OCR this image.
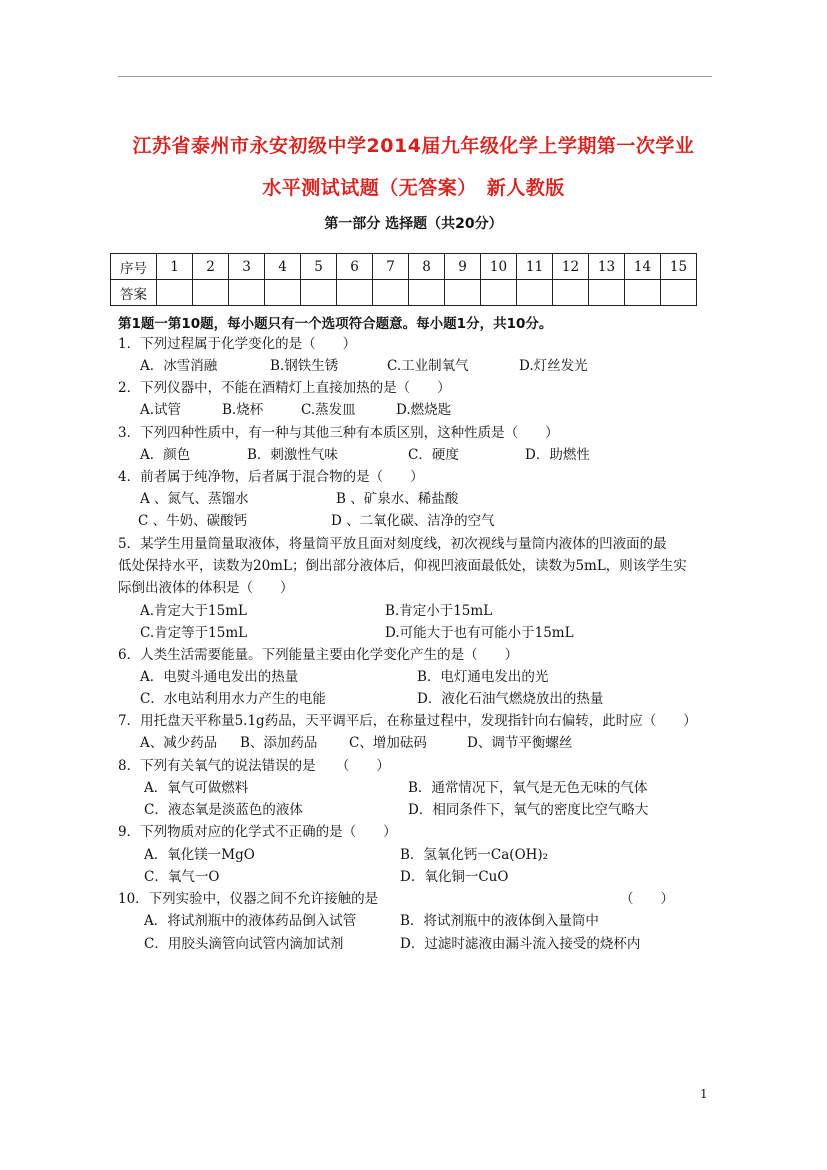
江苏省泰州市永安初级中学2014届九年级化学上学期第一次学业
水平测试试题（无答案）　新人教版
第一部分 选择题（共20分）
序号	1	2	3	4	5	6	7	8	9	10	11	12	13	14	15
答案															
第1题一第10题，每小题只有一个选项符合题意。每小题1分，共10分。
1．下列过程属于化学变化的是（　　）
A．冰雪消融	B.钢铁生锈	C.工业制氧气	D.灯丝发光
2．下列仪器中，不能在酒精灯上直接加热的是（　　）
A.试管	B.烧杯	C.蒸发皿	D.燃烧匙
3．下列四种性质中，有一种与其他三种有本质区别，这种性质是（　　）
A．颜色	B．刺激性气味	C．硬度	D．助燃性
4．前者属于纯净物，后者属于混合物的是（　　）
A 、氮气、蒸馏水	B 、矿泉水、稀盐酸
C 、牛奶、碳酸钙	D 、二氧化碳、洁净的空气
5．某学生用量筒量取液体，将量筒平放且面对刻度线，初次视线与量筒内液体的凹液面的最
低处保持水平，读数为20mL；倒出部分液体后，仰视凹液面最低处，读数为5mL，则该学生实
际倒出液体的体积是（　　）
A.肯定大于15mL	B.肯定小于15mL
C.肯定等于15mL	D.可能大于也有可能小于15mL
6．人类生活需要能量。下列能量主要由化学变化产生的是（　　）
A．电熨斗通电发出的热量	B．电灯通电发出的光
C．水电站利用水力产生的电能	D．液化石油气燃烧放出的热量
7．用托盘天平称量5.1g药品，天平调平后，在称量过程中，发现指针向右偏转，此时应（　　）
A、减少药品 B、添加药品 C、增加砝码	D、调节平衡螺丝
8．下列有关氧气的说法错误的是　　（　　）
A．氧气可做燃料	B．通常情况下，氧气是无色无味的气体
C．液态氧是淡蓝色的液体	D．相同条件下，氧气的密度比空气略大
9．下列物质对应的化学式不正确的是（　　）
A．氧化镁一MgO	B．氢氧化钙一Ca(OH)₂
C．氧气一O	D．氧化铜一CuO
10．下列实验中，仪器之间不允许接触的是	（　　）
A．将试剂瓶中的液体药品倒入试管	B．将试剂瓶中的液体倒入量筒中
C．用胶头滴管向试管内滴加试剂	D．过滤时滤液由漏斗流入接受的烧杯内
1
